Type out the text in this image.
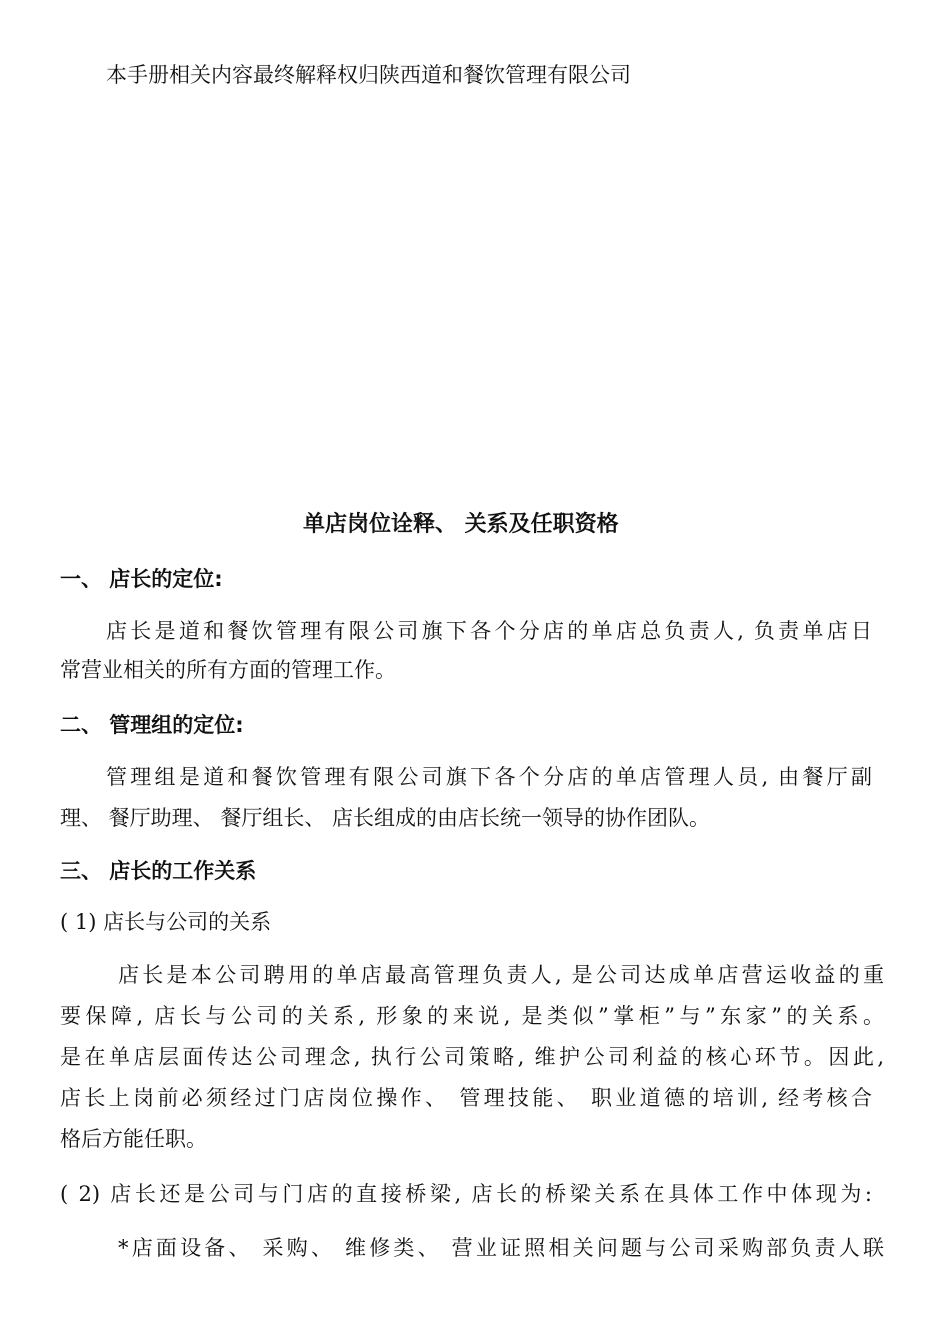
本手册相关内容最终解释权归陕西道和餐饮管理有限公司
单店岗位诠释、 关系及任职资格
一、 店长的定位:
店长是道和餐饮管理有限公司旗下各个分店的单店总负责人, 负责单店日
常营业相关的所有方面的管理工作。
二、 管理组的定位:
管理组是道和餐饮管理有限公司旗下各个分店的单店管理人员, 由餐厅副
理、 餐厅助理、 餐厅组长、 店长组成的由店长统一领导的协作团队。
三、 店长的工作关系
( 1) 店长与公司的关系
店长是本公司聘用的单店最高管理负责人, 是公司达成单店营运收益的重
要保障, 店长与公司的关系, 形象的来说, 是类似”掌柜”与”东家”的关系。
是在单店层面传达公司理念, 执行公司策略, 维护公司利益的核心环节。因此,
店长上岗前必须经过门店岗位操作、 管理技能、 职业道德的培训, 经考核合
格后方能任职。
( 2) 店长还是公司与门店的直接桥梁, 店长的桥梁关系在具体工作中体现为:
*店面设备、 采购、 维修类、 营业证照相关问题与公司采购部负责人联
